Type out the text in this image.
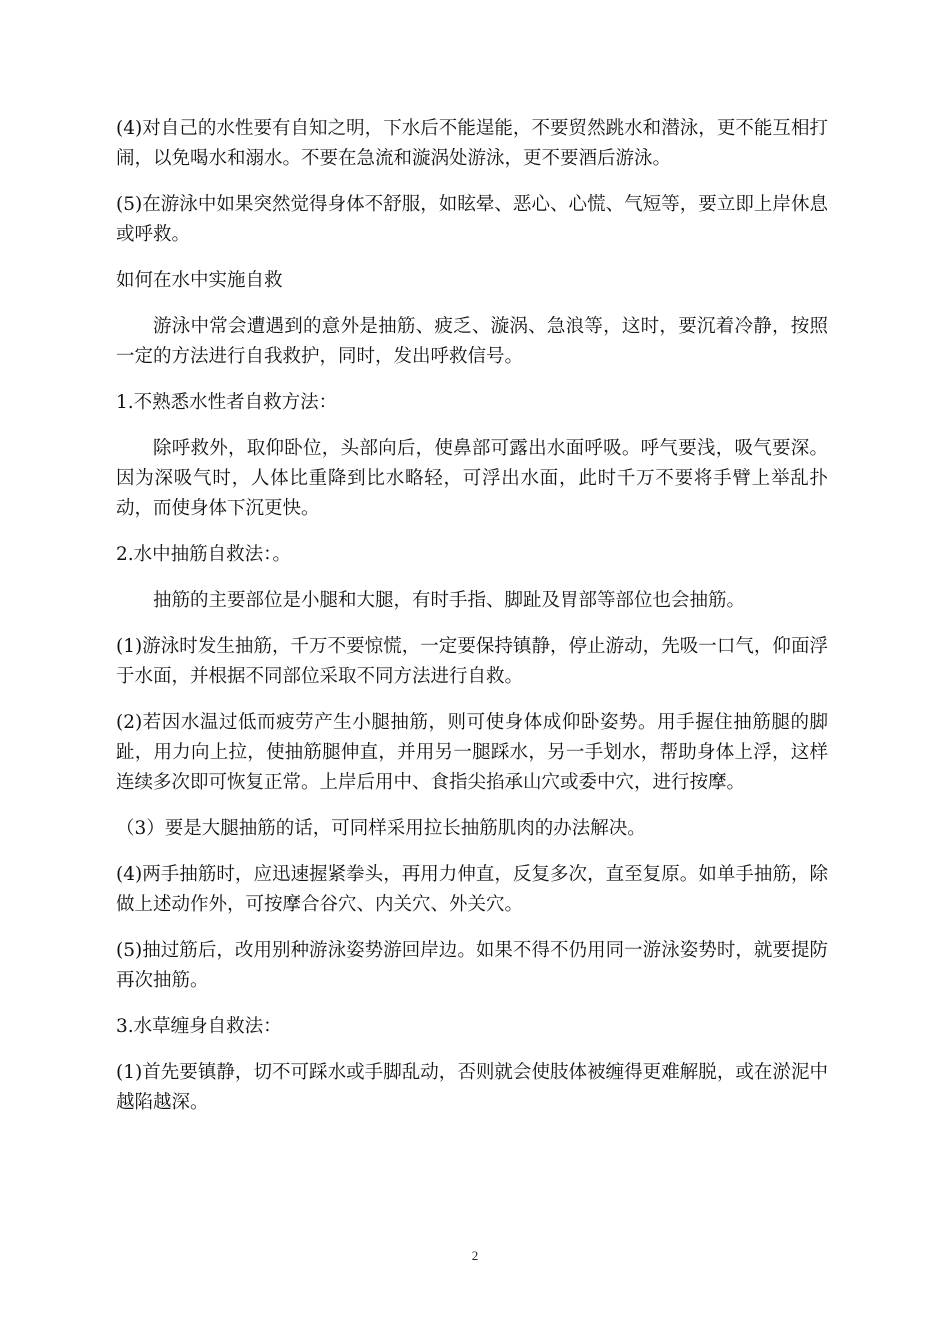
(4)对自己的水性要有自知之明，下水后不能逞能，不要贸然跳水和潜泳，更不能互相打闹，以免喝水和溺水。不要在急流和漩涡处游泳，更不要酒后游泳。

(5)在游泳中如果突然觉得身体不舒服，如眩晕、恶心、心慌、气短等，要立即上岸休息或呼救。

如何在水中实施自救

游泳中常会遭遇到的意外是抽筋、疲乏、漩涡、急浪等，这时，要沉着冷静，按照一定的方法进行自我救护，同时，发出呼救信号。

1.不熟悉水性者自救方法：

除呼救外，取仰卧位，头部向后，使鼻部可露出水面呼吸。呼气要浅，吸气要深。因为深吸气时，人体比重降到比水略轻，可浮出水面，此时千万不要将手臂上举乱扑动，而使身体下沉更快。

2.水中抽筋自救法：。

抽筋的主要部位是小腿和大腿，有时手指、脚趾及胃部等部位也会抽筋。

(1)游泳时发生抽筋，千万不要惊慌，一定要保持镇静，停止游动，先吸一口气，仰面浮于水面，并根据不同部位采取不同方法进行自救。

(2)若因水温过低而疲劳产生小腿抽筋，则可使身体成仰卧姿势。用手握住抽筋腿的脚趾，用力向上拉，使抽筋腿伸直，并用另一腿踩水，另一手划水，帮助身体上浮，这样连续多次即可恢复正常。上岸后用中、食指尖掐承山穴或委中穴，进行按摩。

（3）要是大腿抽筋的话，可同样采用拉长抽筋肌肉的办法解决。

(4)两手抽筋时，应迅速握紧拳头，再用力伸直，反复多次，直至复原。如单手抽筋，除做上述动作外，可按摩合谷穴、内关穴、外关穴。

(5)抽过筋后，改用别种游泳姿势游回岸边。如果不得不仍用同一游泳姿势时，就要提防再次抽筋。

3.水草缠身自救法：

(1)首先要镇静，切不可踩水或手脚乱动，否则就会使肢体被缠得更难解脱，或在淤泥中越陷越深。

2
